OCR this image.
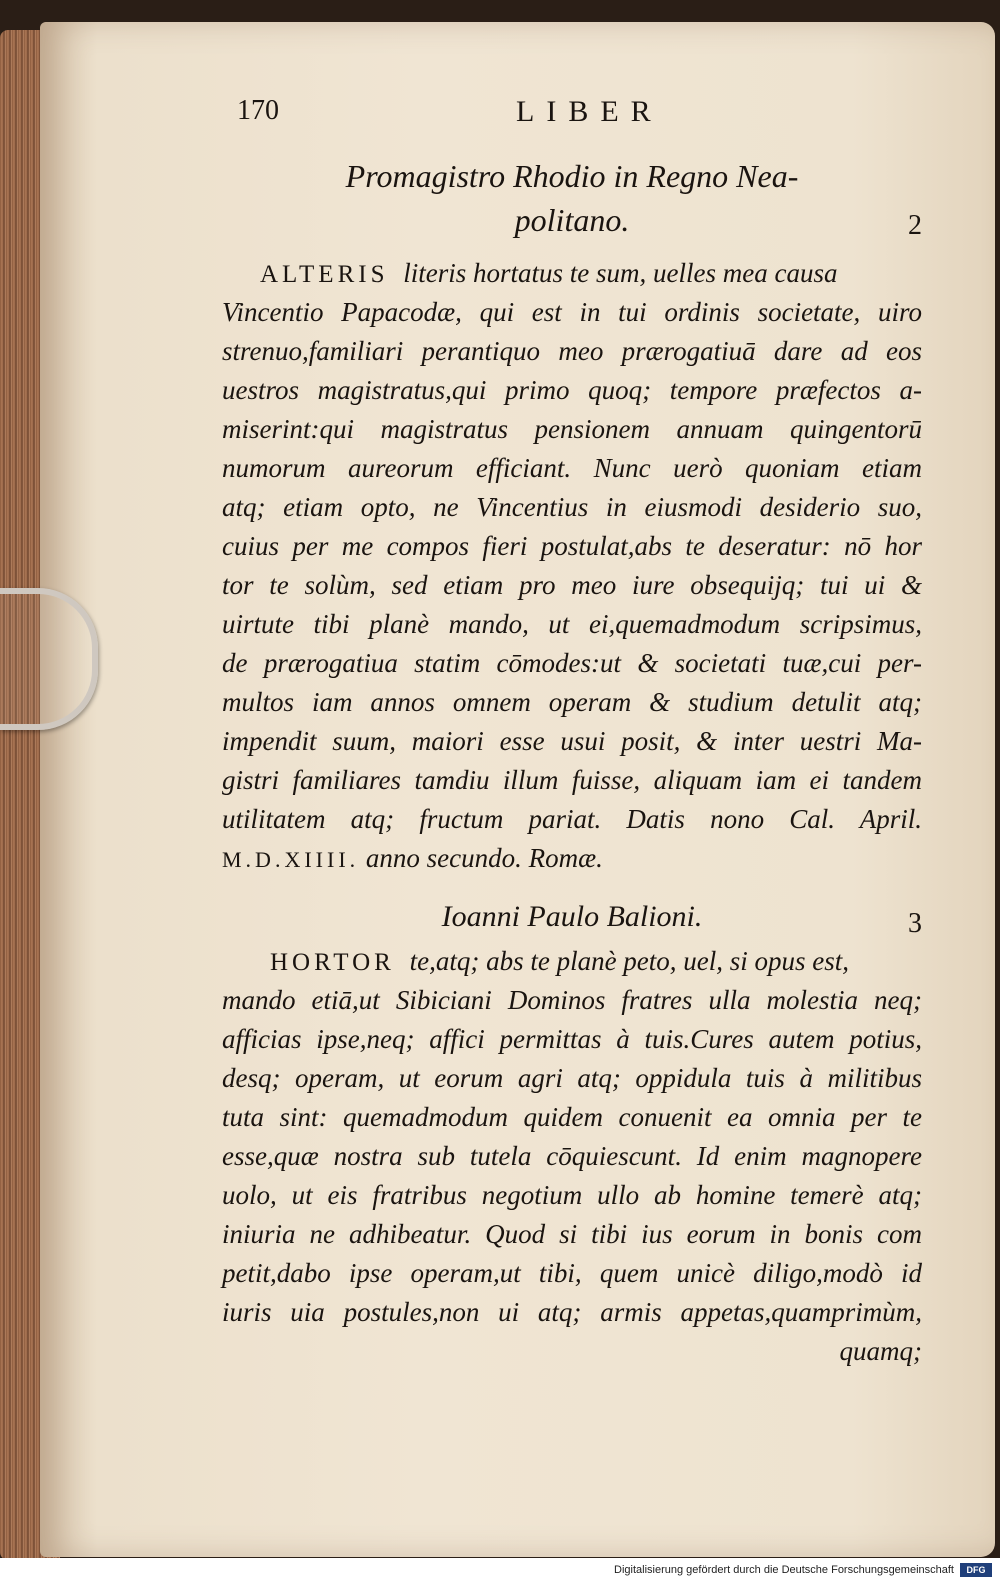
170	LIBER
Promagistro Rhodio in Regno Nea-
politano.	2
ALTERIS literis hortatus te sum, uelles mea causa
Vincentio Papacodæ, qui est in tui ordinis societate, uiro
strenuo,familiari perantiquo meo prærogatiuā dare ad eos
uestros magistratus,qui primo quoq; tempore præfectos a-
miserint:qui magistratus pensionem annuam quingentorū
numorum aureorum efficiant. Nunc uerò quoniam etiam
atq; etiam opto, ne Vincentius in eiusmodi desiderio suo,
cuius per me compos fieri postulat,abs te deseratur: nō hor
tor te solùm, sed etiam pro meo iure obsequijq; tui ui &
uirtute tibi planè mando, ut ei,quemadmodum scripsimus,
de prærogatiua statim cōmodes:ut & societati tuæ,cui per-
multos iam annos omnem operam & studium detulit atq;
impendit suum, maiori esse usui posit, & inter uestri Ma-
gistri familiares tamdiu illum fuisse, aliquam iam ei tandem
utilitatem atq; fructum pariat. Datis nono Cal. April.
M.D.XIIII. anno secundo. Romæ.
Ioanni Paulo Balioni.	3
HORTOR te,atq; abs te planè peto, uel, si opus est,
mando etiā,ut Sibiciani Dominos fratres ulla molestia neq;
afficias ipse,neq; affici permittas à tuis.Cures autem potius,
desq; operam, ut eorum agri atq; oppidula tuis à militibus
tuta sint: quemadmodum quidem conuenit ea omnia per te
esse,quæ nostra sub tutela cōquiescunt. Id enim magnopere
uolo, ut eis fratribus negotium ullo ab homine temerè atq;
iniuria ne adhibeatur. Quod si tibi ius eorum in bonis com
petit,dabo ipse operam,ut tibi, quem unicè diligo,modò id
iuris uia postules,non ui atq; armis appetas,quamprimùm,
quamq;
Digitalisierung gefördert durch die Deutsche Forschungsgemeinschaft	DFG
